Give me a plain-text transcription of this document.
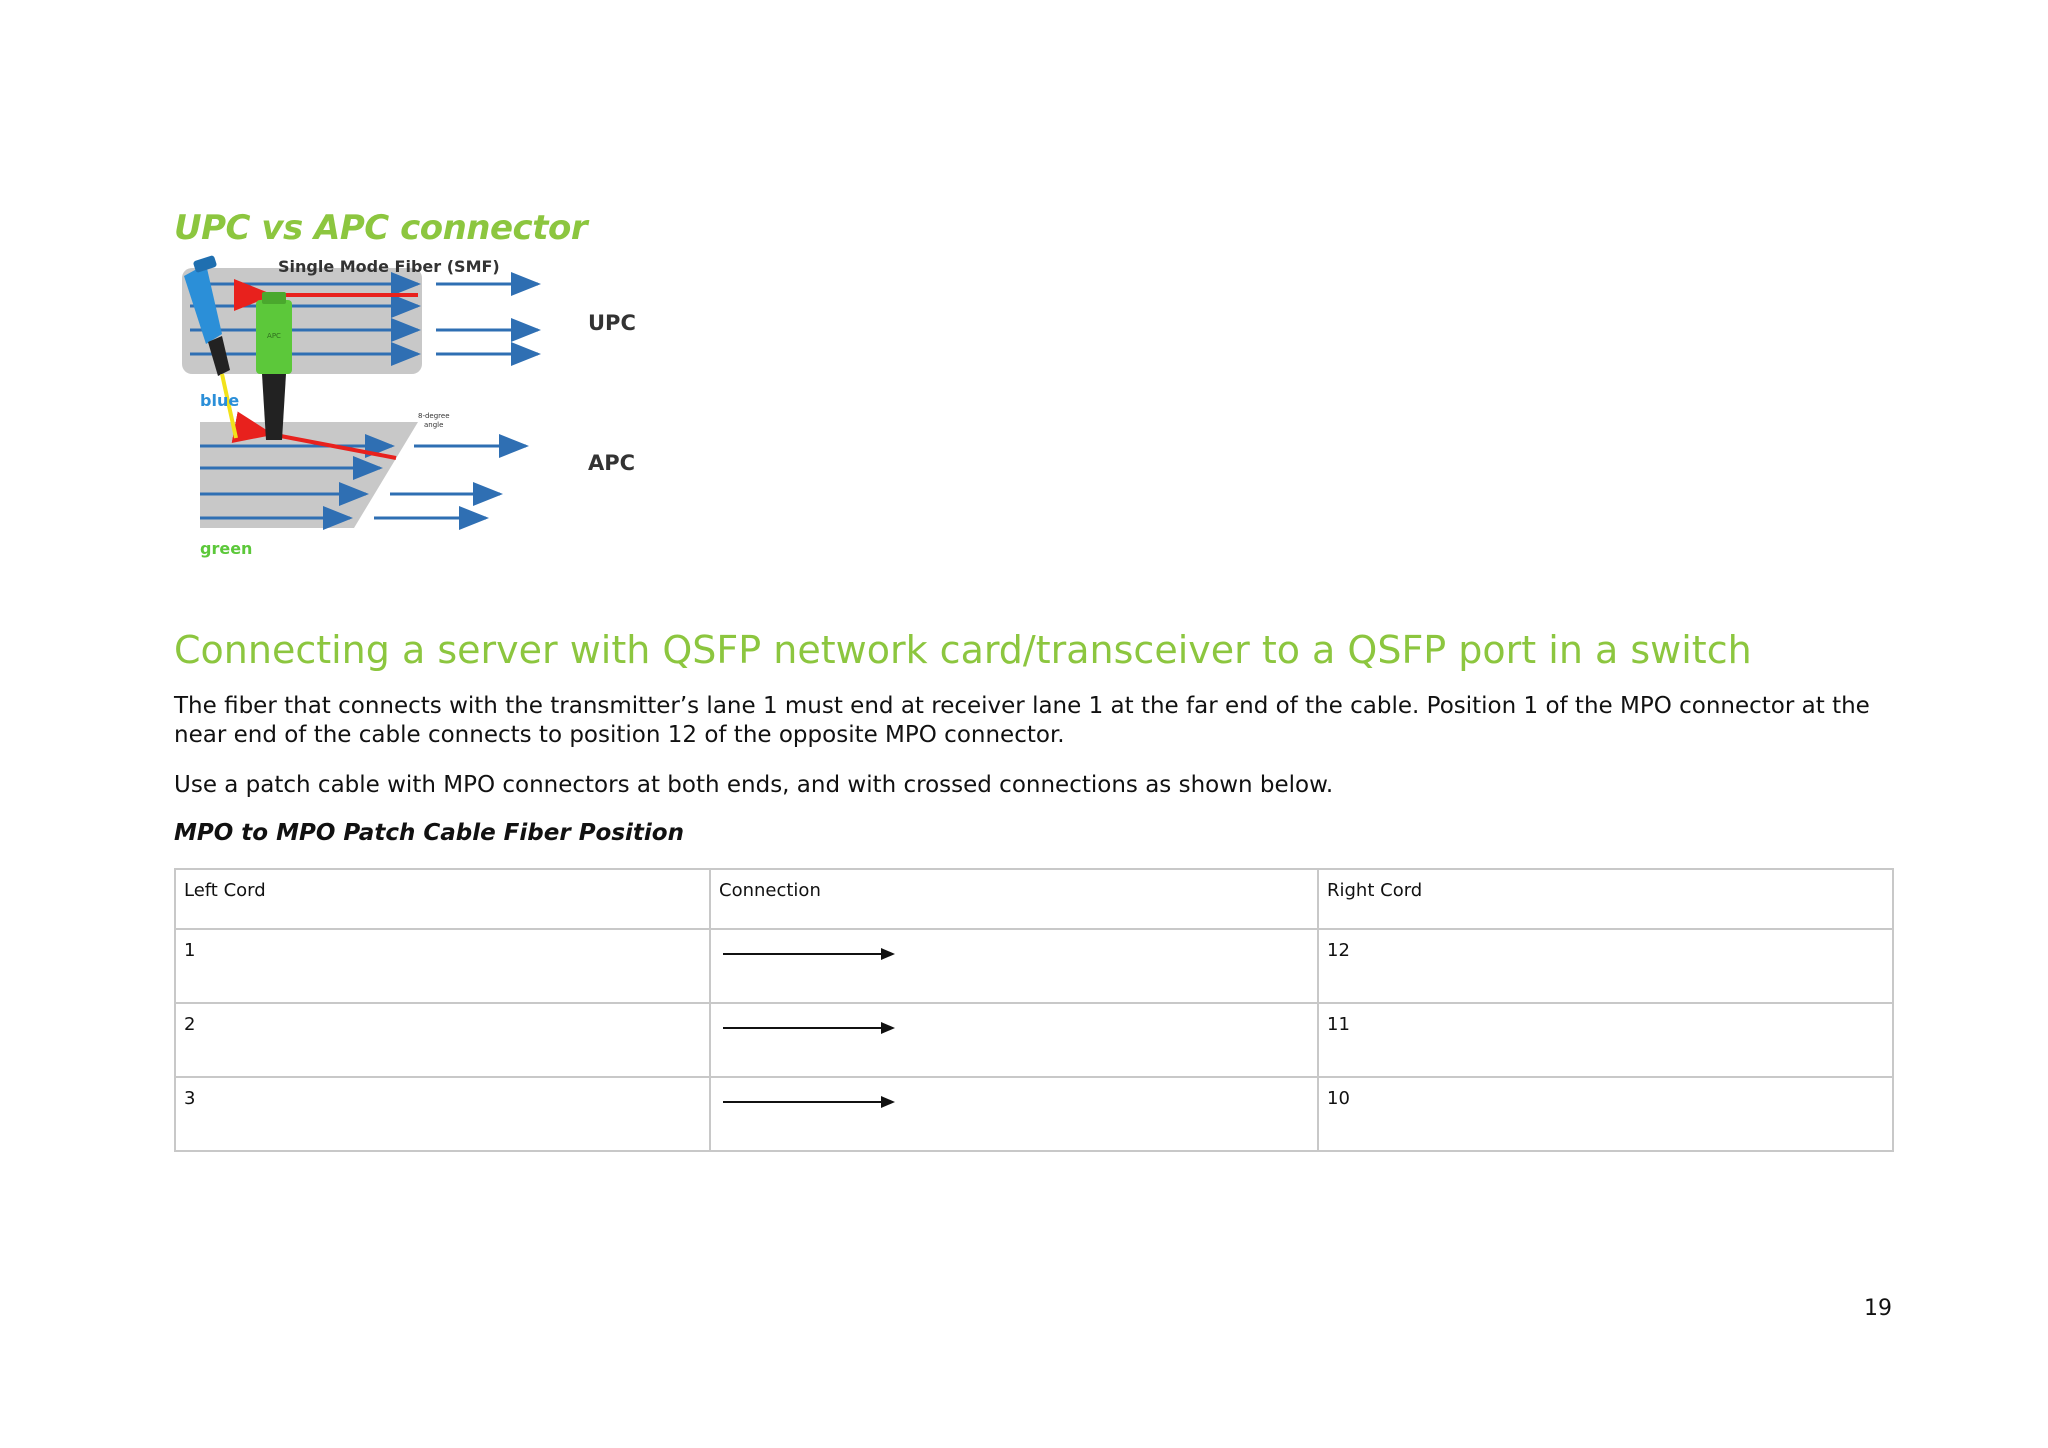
UPC vs APC connector
APC
Single Mode Fiber (SMF)
UPC
APC
blue
green
8-degree
angle
Connecting a server with QSFP network card/transceiver to a QSFP port in a switch

The fiber that connects with the transmitter’s lane 1 must end at receiver lane 1 at the far end of the cable. Position 1 of the MPO connector at the near end of the cable connects to position 12 of the opposite MPO connector.

Use a patch cable with MPO connectors at both ends, and with crossed connections as shown below.

MPO to MPO Patch Cable Fiber Position

Left Cord	Connection	Right Cord
1		12
2		11
3		10

19
